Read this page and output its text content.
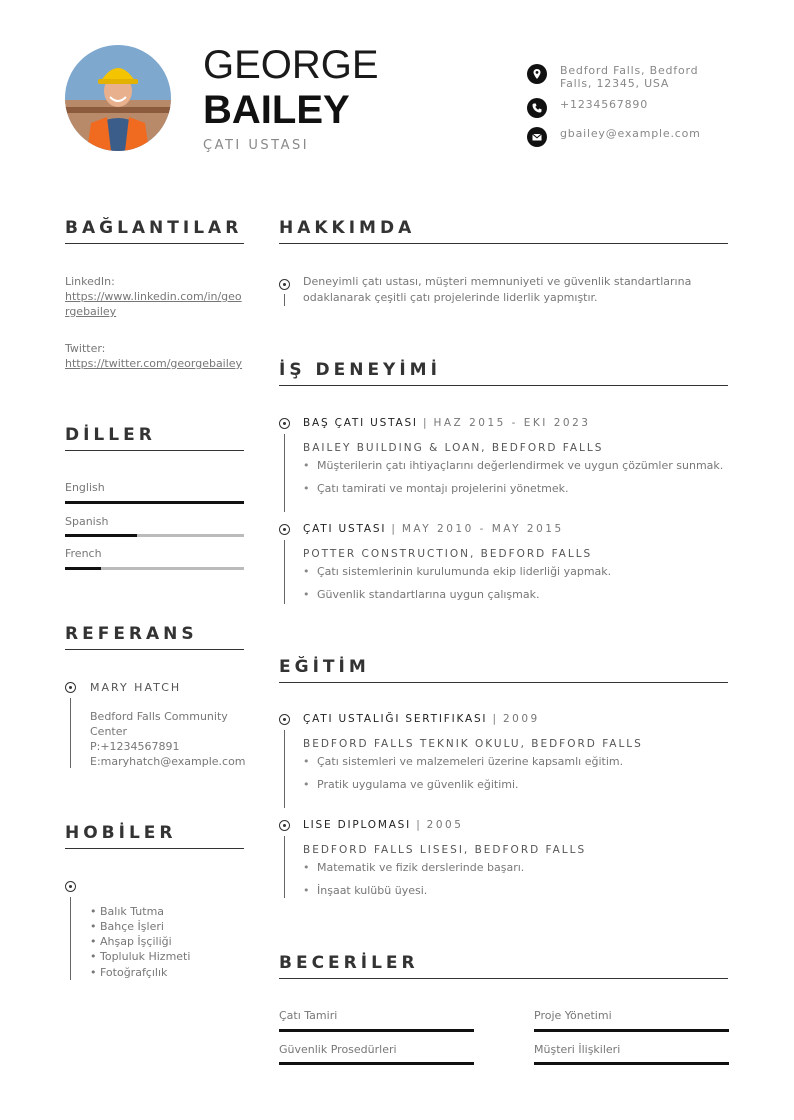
GEORGE
BAILEY
ÇATI USTASI
Bedford Falls, Bedford Falls, 12345, USA
+1234567890
gbailey@example.com
BAĞLANTILAR
LinkedIn:
https://www.linkedin.com/in/georgebailey
Twitter:
https://twitter.com/georgebailey
DİLLER
English
Spanish
French
REFERANS
MARY HATCH
Bedford Falls Community
Center
P:+1234567891
E:maryhatch@example.com
HOBİLER
• Balık Tutma
• Bahçe İşleri
• Ahşap İşçiliği
• Topluluk Hizmeti
• Fotoğrafçılık
HAKKIMDA
Deneyimli çatı ustası, müşteri memnuniyeti ve güvenlik standartlarına odaklanarak çeşitli çatı projelerinde liderlik yapmıştır.
İŞ DENEYİMİ
BAŞ ÇATI USTASI | HAZ 2015 - EKI 2023
BAILEY BUILDING & LOAN, BEDFORD FALLS
• Müşterilerin çatı ihtiyaçlarını değerlendirmek ve uygun çözümler sunmak.
• Çatı tamirati ve montajı projelerini yönetmek.
ÇATI USTASI | MAY 2010 - MAY 2015
POTTER CONSTRUCTION, BEDFORD FALLS
• Çatı sistemlerinin kurulumunda ekip liderliği yapmak.
• Güvenlik standartlarına uygun çalışmak.
EĞİTİM
ÇATI USTALIĞI SERTIFIKASI | 2009
BEDFORD FALLS TEKNIK OKULU, BEDFORD FALLS
• Çatı sistemleri ve malzemeleri üzerine kapsamlı eğitim.
• Pratik uygulama ve güvenlik eğitimi.
LISE DIPLOMASI | 2005
BEDFORD FALLS LISESI, BEDFORD FALLS
• Matematik ve fizik derslerinde başarı.
• İnşaat kulübü üyesi.
BECERİLER
Çatı Tamiri	Proje Yönetimi
Güvenlik Prosedürleri	Müşteri İlişkileri
